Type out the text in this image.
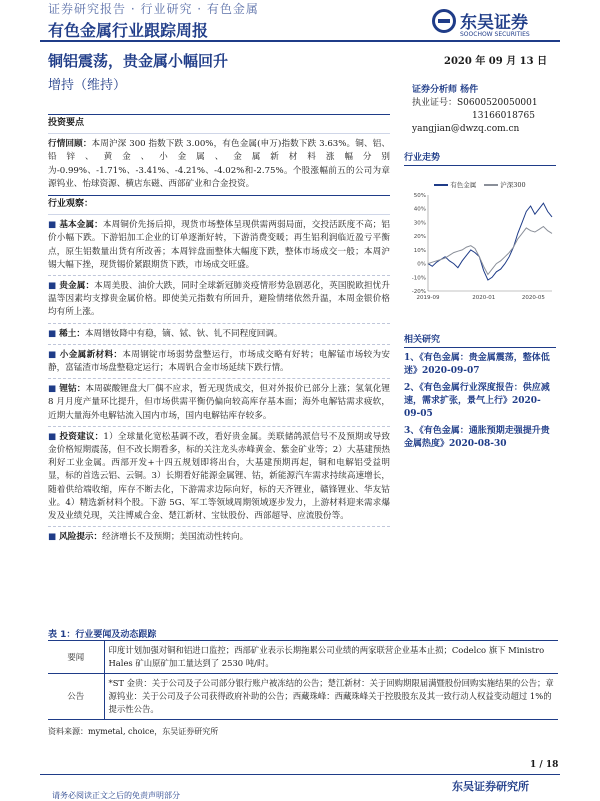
证券研究报告 · 行业研究 · 有色金属
有色金属行业跟踪周报	东吴证券
SOOCHOW SECURITIES
铜铝震荡，贵金属小幅回升
增持（维持）
2020 年 09 月 13 日
证券分析师 杨件
执业证号：S0600520050001
13166018765
yangjian@dwzq.com.cn
投资要点
行情回顾：本周沪深 300 指数下跌 3.00%，有色金属(申万)指数下跌 3.63%。铜、铝、铅锌、黄金、小金属、金属新材料涨幅分别为-0.99%、-1.71%、-3.41%、-4.21%、-4.02%和-2.75%。个股涨幅前五的公司为章源钨业、怡球资源、横店东磁、西部矿业和合金投资。
行业观察：
■ 基本金属：本周铜价先扬后抑，现货市场整体呈现供需两弱局面，交投活跃度不高；铝价小幅下跌。下游铝加工企业的订单逐渐好转，下游消费变暖；再生铝利润临近盈亏平衡点，原生铝数量出货有所改善；本周锌盘面整体大幅度下跌，整体市场成交一般；本周沪锡大幅下挫，现货锡价紧跟期货下跌，市场成交旺盛。
■ 贵金属：本周美股、油价大跌，同时全球新冠肺炎疫情形势急剧恶化，英国脱欧担忧升温等因素均支撑贵金属价格。即使美元指数有所回升，避险情绪依然升温，本周金银价格均有所上涨。
■ 稀土：本周镨钕降中有稳，镝、铽、钬、钆不同程度回调。
■ 小金属新材料：本周钢锭市场弱势盘整运行，市场成交略有好转；电解锰市场较为安静，富锰渣市场盘整稳定运行；本周钒合金市场延续下跌行情。
■ 锂钴：本周碳酸锂盘大厂偶不应求，暂无现货成交，但对外报价已部分上涨；氢氧化锂 8 月月度产量环比提升，但市场供需平衡仍偏向较高库存基本面；海外电解钴需求疲软，近期大量海外电解钴流入国内市场，国内电解钴库存较多。
■ 投资建议：1）全球量化宽松基调不改，看好贵金属。美联储鸽派信号不及预期或导致金价格短期震荡，但不改长期看多，标的关注龙头赤峰黄金、紫金矿业等；2）大基建预热利好工业金属。西部开发+十四五规划即将出台，大基建预期再起，铜和电解铝受益明显，标的首选云铝、云铜。3）长期看好能源金属锂、钴，新能源汽车需求持续高速增长，随着供给端收缩，库存不断去化，下游需求边际向好，标的天齐锂业，赣锋锂业、华友钴业。4）精选新材料个股。下游 5G、军工等领域周期领域逐步发力，上游材料迎来需求爆发及业绩兑现，关注博威合金、楚江新材、宝钛股份、西部超导、应流股份等。
■ 风险提示：经济增长不及预期；美国流动性转向。
行业走势
有色金属	沪深300
50%
40%
30%
20%
10%
0%
-10%
-20%
2019-09	2020-01	2020-05
相关研究
1、《有色金属：贵金属震荡，整体低迷》2020-09-07
2、《有色金属行业深度报告：供应减速，需求扩张，景气上行》2020-09-05
3、《有色金属：通胀预期走强提升贵金属热度》2020-08-30
表 1：行业要闻及动态跟踪
要闻	印度计划加强对铜和铝进口监控；西部矿业表示长期拖累公司业绩的两家联营企业基本止损；Codelco 旗下 Ministro Hales 矿山原矿加工量达到了 2530 吨/时。
公告	*ST 金贵：关于公司及子公司部分银行账户被冻结的公告；楚江新材：关于回购期限届满暨股份回购实施结果的公告；章源钨业：关于公司及子公司获得政府补助的公告；西藏珠峰：西藏珠峰关于控股股东及其一致行动人权益变动超过 1%的提示性公告。
资料来源：mymetal, choice，东吴证券研究所
1 / 18
东吴证券研究所
请务必阅读正文之后的免责声明部分
